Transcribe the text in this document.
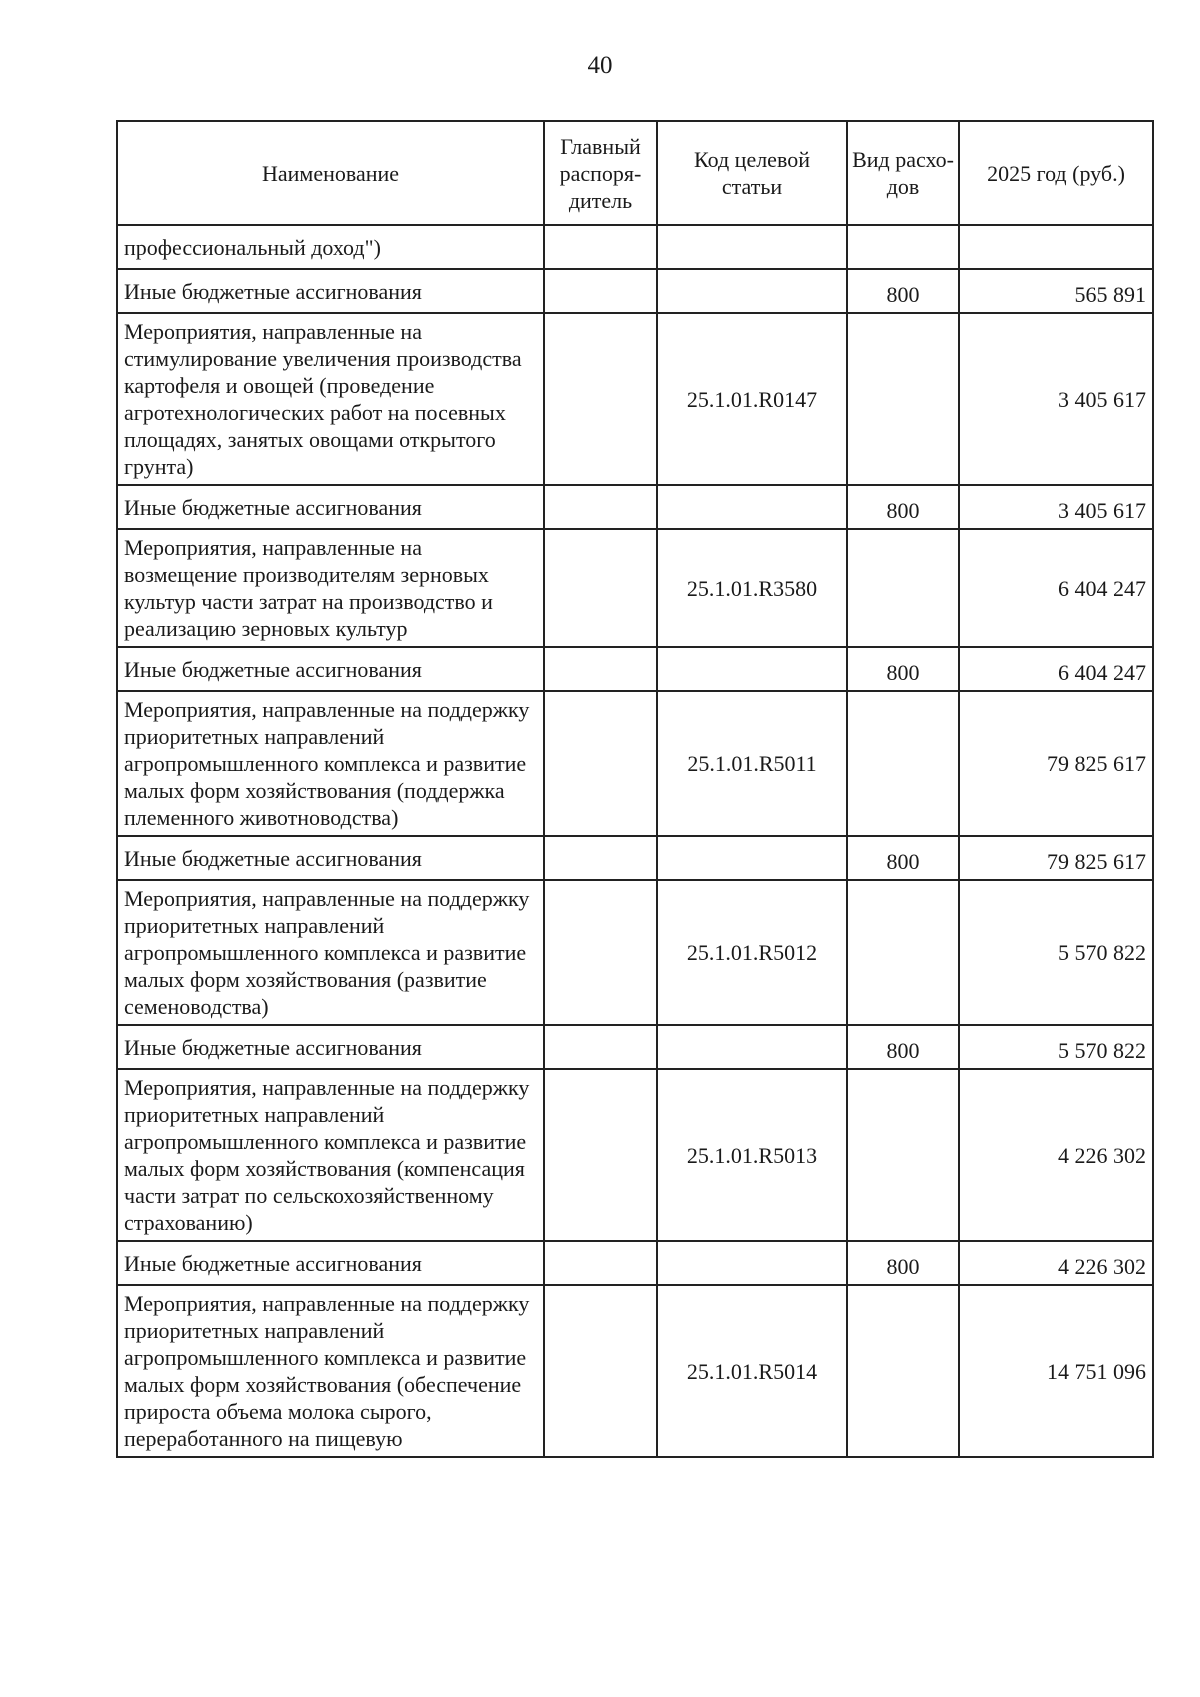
40
Наименование	Главный распоря-дитель	Код целевой статьи	Вид расхо-дов	2025 год (руб.)
профессиональный доход")				
Иные бюджетные ассигнования			800	565 891
Мероприятия, направленные на стимулирование увеличения производства картофеля и овощей (проведение агротехнологических работ на посевных площадях, занятых овощами открытого грунта)		25.1.01.R0147		3 405 617
Иные бюджетные ассигнования			800	3 405 617
Мероприятия, направленные на возмещение производителям зерновых культур части затрат на производство и реализацию зерновых культур		25.1.01.R3580		6 404 247
Иные бюджетные ассигнования			800	6 404 247
Мероприятия, направленные на поддержку приоритетных направлений агропромышленного комплекса и развитие малых форм хозяйствования (поддержка племенного животноводства)		25.1.01.R5011		79 825 617
Иные бюджетные ассигнования			800	79 825 617
Мероприятия, направленные на поддержку приоритетных направлений агропромышленного комплекса и развитие малых форм хозяйствования (развитие семеноводства)		25.1.01.R5012		5 570 822
Иные бюджетные ассигнования			800	5 570 822
Мероприятия, направленные на поддержку приоритетных направлений агропромышленного комплекса и развитие малых форм хозяйствования (компенсация части затрат по сельскохозяйственному страхованию)		25.1.01.R5013		4 226 302
Иные бюджетные ассигнования			800	4 226 302
Мероприятия, направленные на поддержку приоритетных направлений агропромышленного комплекса и развитие малых форм хозяйствования (обеспечение прироста объема молока сырого, переработанного на пищевую		25.1.01.R5014		14 751 096
